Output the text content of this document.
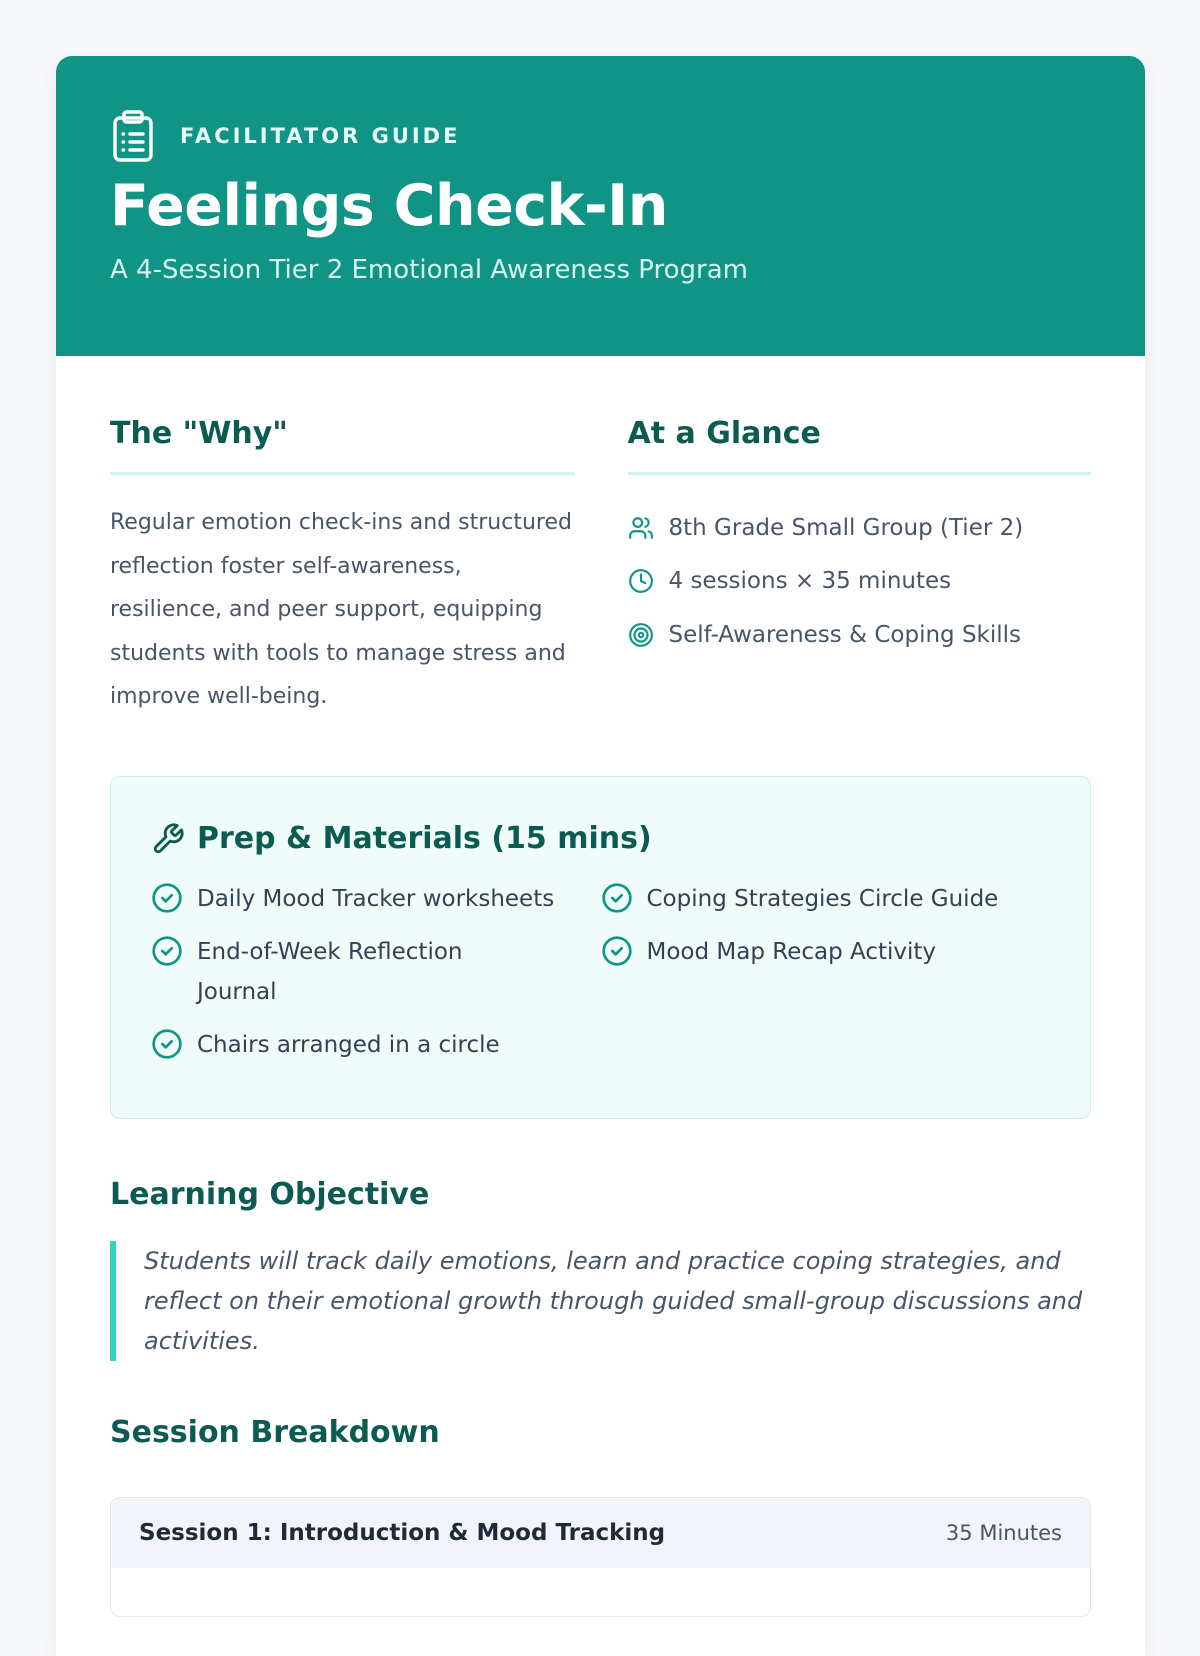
FACILITATOR GUIDE
Feelings Check-In
A 4-Session Tier 2 Emotional Awareness Program
The "Why"

Regular emotion check-ins and structured reflection foster self-awareness, resilience, and peer support, equipping students with tools to manage stress and improve well-being.

At a Glance
8th Grade Small Group (Tier 2)
4 sessions × 35 minutes
Self-Awareness & Coping Skills
Prep & Materials (15 mins)
Daily Mood Tracker worksheets
End-of-Week Reflection Journal
Chairs arranged in a circle
Coping Strategies Circle Guide
Mood Map Recap Activity
Learning Objective
Students will track daily emotions, learn and practice coping strategies, and reflect on their emotional growth through guided small-group discussions and activities.
Session Breakdown
Session 1: Introduction & Mood Tracking	35 Minutes
